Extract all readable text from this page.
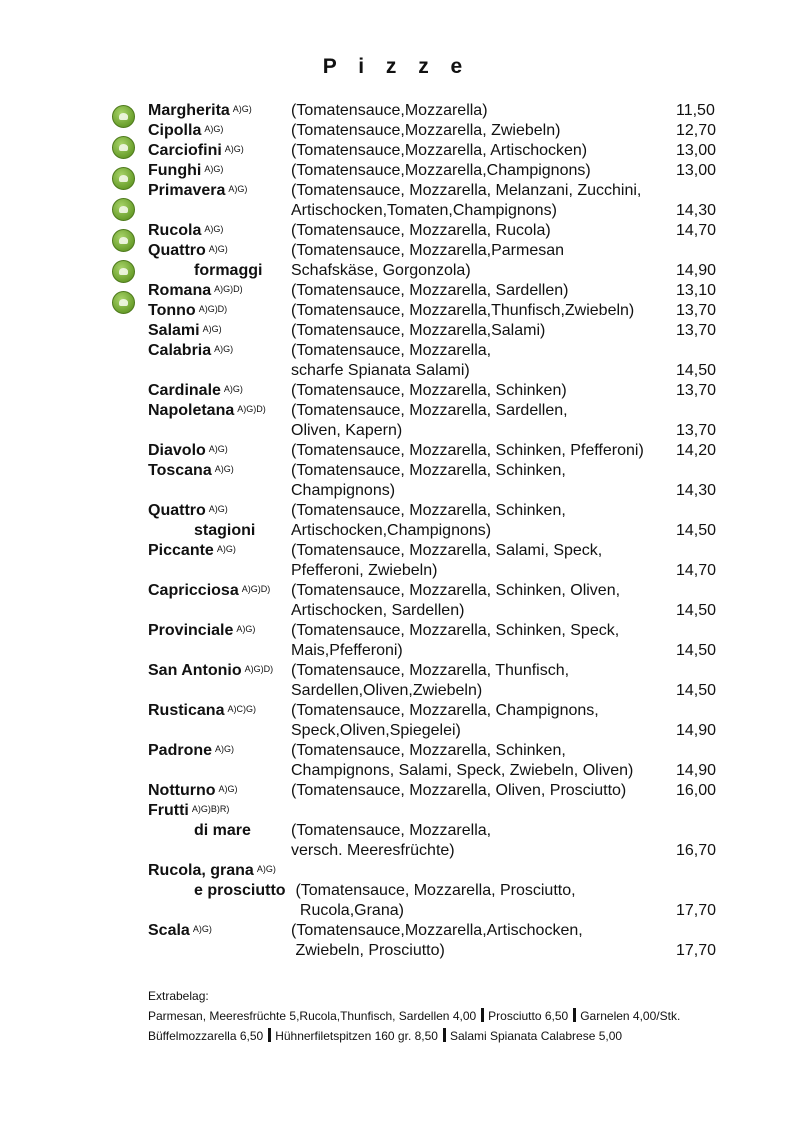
P i z z e
Margherita $^{A)G)}$ (Tomatensauce,Mozzarella)	11,50
Cipolla $^{A)G)}$	(Tomatensauce,Mozzarella, Zwiebeln)	12,70
Carciofini $^{A)G)}$	(Tomatensauce,Mozzarella, Artischocken)	13,00
Funghi $^{A)G)}$	(Tomatensauce,Mozzarella,Champignons)	13,00
Primavera $^{A)G)}$	(Tomatensauce, Mozzarella, Melanzani, Zucchini,
Artischocken,Tomaten,Champignons)	14,30
Rucola $^{A)G)}$	(Tomatensauce, Mozzarella, Rucola)	14,70
Quattro $^{A)G)}$	(Tomatensauce, Mozzarella,Parmesan
formaggi Schafskäse, Gorgonzola)	14,90
Romana $^{A)G)D)}$	(Tomatensauce, Mozzarella, Sardellen)	13,10
Tonno $^{A)G)D)}$	(Tomatensauce, Mozzarella,Thunfisch,Zwiebeln)	13,70
Salami $^{A)G)}$	(Tomatensauce, Mozzarella,Salami)	13,70
Calabria $^{A)G)}$	(Tomatensauce, Mozzarella,
scharfe Spianata Salami)	14,50
Cardinale $^{A)G)}$	(Tomatensauce, Mozzarella, Schinken)	13,70
Napoletana $^{A)G)D)}$ (Tomatensauce, Mozzarella, Sardellen,
Oliven, Kapern)	13,70
Diavolo $^{A)G)}$	(Tomatensauce, Mozzarella, Schinken, Pfefferoni) 14,20
Toscana $^{A)G)}$	(Tomatensauce, Mozzarella, Schinken,
Champignons)	14,30
Quattro $^{A)G)}$	(Tomatensauce, Mozzarella, Schinken,
stagioni Artischocken,Champignons)	14,50
Piccante $^{A)G)}$	(Tomatensauce, Mozzarella, Salami, Speck,
Pfefferoni, Zwiebeln)	14,70
Capricciosa $^{A)G)D)}$ (Tomatensauce, Mozzarella, Schinken, Oliven,
Artischocken, Sardellen)	14,50
Provinciale $^{A)G)}$ (Tomatensauce, Mozzarella, Schinken, Speck,
Mais,Pfefferoni)	14,50
San Antonio $^{A)G)D)}$ (Tomatensauce, Mozzarella, Thunfisch,
Sardellen,Oliven,Zwiebeln)	14,50
Rusticana $^{A)C)G)}$ (Tomatensauce, Mozzarella, Champignons,
Speck,Oliven,Spiegelei)	14,90
Padrone $^{A)G)}$	(Tomatensauce, Mozzarella, Schinken,
Champignons, Salami, Speck, Zwiebeln, Oliven)	14,90
Notturno $^{A)G)}$	(Tomatensauce, Mozzarella, Oliven, Prosciutto)	16,00
Frutti $^{A)G)B)R)}$
di mare	(Tomatensauce, Mozzarella,
versch. Meeresfrüchte)	16,70
Rucola, grana $^{A)G)}$
e prosciutto (Tomatensauce, Mozzarella, Prosciutto,
Rucola,Grana)	17,70
Scala $^{A)G)}$	(Tomatensauce,Mozzarella,Artischocken,
Zwiebeln, Prosciutto)	17,70
Extrabelag:
Parmesan, Meeresfrüchte 5,Rucola,Thunfisch, Sardellen 4,00 Prosciutto 6,50 Garnelen 4,00/Stk.
Büffelmozzarella 6,50 Hühnerfiletspitzen 160 gr. 8,50 Salami Spianata Calabrese 5,00
